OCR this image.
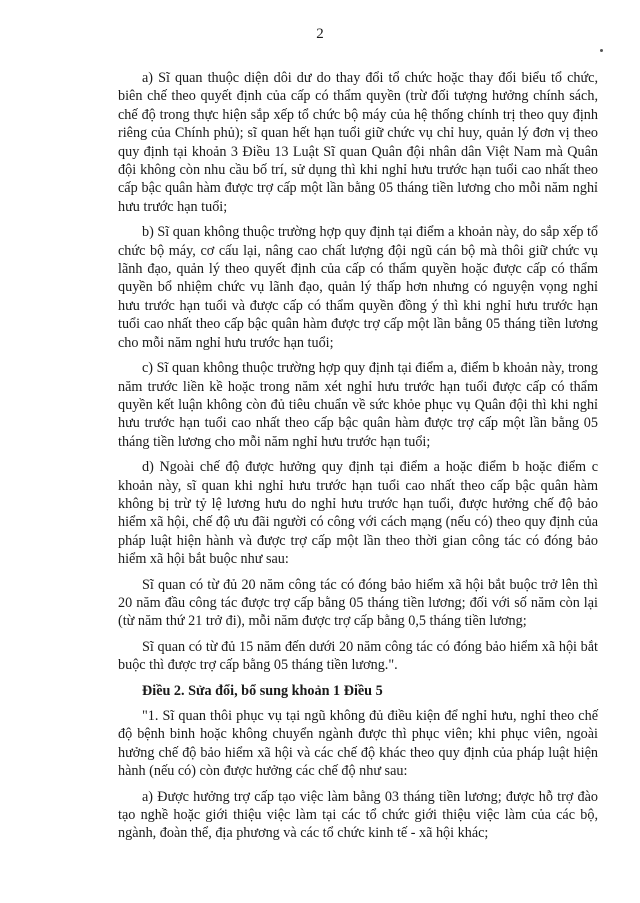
2

a) Sĩ quan thuộc diện dôi dư do thay đổi tổ chức hoặc thay đổi biểu tổ chức, biên chế theo quyết định của cấp có thẩm quyền (trừ đối tượng hưởng chính sách, chế độ trong thực hiện sắp xếp tổ chức bộ máy của hệ thống chính trị theo quy định riêng của Chính phủ); sĩ quan hết hạn tuổi giữ chức vụ chỉ huy, quản lý đơn vị theo quy định tại khoản 3 Điều 13 Luật Sĩ quan Quân đội nhân dân Việt Nam mà Quân đội không còn nhu cầu bố trí, sử dụng thì khi nghỉ hưu trước hạn tuổi cao nhất theo cấp bậc quân hàm được trợ cấp một lần bằng 05 tháng tiền lương cho mỗi năm nghỉ hưu trước hạn tuổi;

b) Sĩ quan không thuộc trường hợp quy định tại điểm a khoản này, do sắp xếp tổ chức bộ máy, cơ cấu lại, nâng cao chất lượng đội ngũ cán bộ mà thôi giữ chức vụ lãnh đạo, quản lý theo quyết định của cấp có thẩm quyền hoặc được cấp có thẩm quyền bổ nhiệm chức vụ lãnh đạo, quản lý thấp hơn nhưng có nguyện vọng nghỉ hưu trước hạn tuổi và được cấp có thẩm quyền đồng ý thì khi nghỉ hưu trước hạn tuổi cao nhất theo cấp bậc quân hàm được trợ cấp một lần bằng 05 tháng tiền lương cho mỗi năm nghỉ hưu trước hạn tuổi;

c) Sĩ quan không thuộc trường hợp quy định tại điểm a, điểm b khoản này, trong năm trước liền kề hoặc trong năm xét nghỉ hưu trước hạn tuổi được cấp có thẩm quyền kết luận không còn đủ tiêu chuẩn về sức khỏe phục vụ Quân đội thì khi nghỉ hưu trước hạn tuổi cao nhất theo cấp bậc quân hàm được trợ cấp một lần bằng 05 tháng tiền lương cho mỗi năm nghỉ hưu trước hạn tuổi;

d) Ngoài chế độ được hưởng quy định tại điểm a hoặc điểm b hoặc điểm c khoản này, sĩ quan khi nghỉ hưu trước hạn tuổi cao nhất theo cấp bậc quân hàm không bị trừ tỷ lệ lương hưu do nghỉ hưu trước hạn tuổi, được hưởng chế độ bảo hiểm xã hội, chế độ ưu đãi người có công với cách mạng (nếu có) theo quy định của pháp luật hiện hành và được trợ cấp một lần theo thời gian công tác có đóng bảo hiểm xã hội bắt buộc như sau:

Sĩ quan có từ đủ 20 năm công tác có đóng bảo hiểm xã hội bắt buộc trở lên thì 20 năm đầu công tác được trợ cấp bằng 05 tháng tiền lương; đối với số năm còn lại (từ năm thứ 21 trở đi), mỗi năm được trợ cấp bằng 0,5 tháng tiền lương;

Sĩ quan có từ đủ 15 năm đến dưới 20 năm công tác có đóng bảo hiểm xã hội bắt buộc thì được trợ cấp bằng 05 tháng tiền lương.".

Điều 2. Sửa đổi, bổ sung khoản 1 Điều 5

"1. Sĩ quan thôi phục vụ tại ngũ không đủ điều kiện để nghỉ hưu, nghỉ theo chế độ bệnh binh hoặc không chuyển ngành được thì phục viên; khi phục viên, ngoài hưởng chế độ bảo hiểm xã hội và các chế độ khác theo quy định của pháp luật hiện hành (nếu có) còn được hưởng các chế độ như sau:

a) Được hưởng trợ cấp tạo việc làm bằng 03 tháng tiền lương; được hỗ trợ đào tạo nghề hoặc giới thiệu việc làm tại các tổ chức giới thiệu việc làm của các bộ, ngành, đoàn thể, địa phương và các tổ chức kinh tế - xã hội khác;
